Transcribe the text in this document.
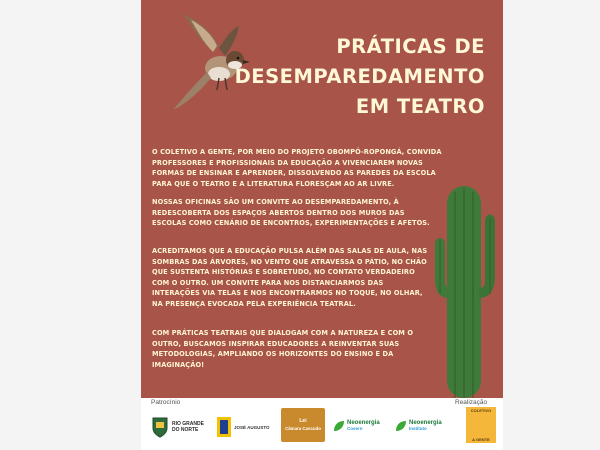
PRÁTICAS DE
DESEMPAREDAMENTO
EM TEATRO
O COLETIVO A GENTE, POR MEIO DO PROJETO OBOMPÓ-ROPONGÁ, CONVIDA PROFESSORES E PROFISSIONAIS DA EDUCAÇÃO A VIVENCIAREM NOVAS FORMAS DE ENSINAR E APRENDER, DISSOLVENDO AS PAREDES DA ESCOLA PARA QUE O TEATRO E A LITERATURA FLORESÇAM AO AR LIVRE.
NOSSAS OFICINAS SÃO UM CONVITE AO DESEMPAREDAMENTO, À REDESCOBERTA DOS ESPAÇOS ABERTOS DENTRO DOS MUROS DAS ESCOLAS COMO CENÁRIO DE ENCONTROS, EXPERIMENTAÇÕES E AFETOS.
ACREDITAMOS QUE A EDUCAÇÃO PULSA ALÉM DAS SALAS DE AULA, NAS SOMBRAS DAS ÁRVORES, NO VENTO QUE ATRAVESSA O PÁTIO, NO CHÃO QUE SUSTENTA HISTÓRIAS E SOBRETUDO, NO CONTATO VERDADEIRO COM O OUTRO. UM CONVITE PARA NOS DISTANCIARMOS DAS INTERAÇÕES VIA TELAS E NOS ENCONTRARMOS NO TOQUE, NO OLHAR, NA PRESENÇA EVOCADA PELA EXPERIÊNCIA TEATRAL.
COM PRÁTICAS TEATRAIS QUE DIALOGAM COM A NATUREZA E COM O OUTRO, BUSCAMOS INSPIRAR EDUCADORES A REINVENTAR SUAS METODOLOGIAS, AMPLIANDO OS HORIZONTES DO ENSINO E DA IMAGINAÇÃO!
Patrocínio	Realização
RIO GRANDE
DO NORTE	JOSÉ AUGUSTO
Lei
Câmara Cascudo
Neoenergia
Cosern
Neoenergia
Instituto
COLETIVO
A GENTE
